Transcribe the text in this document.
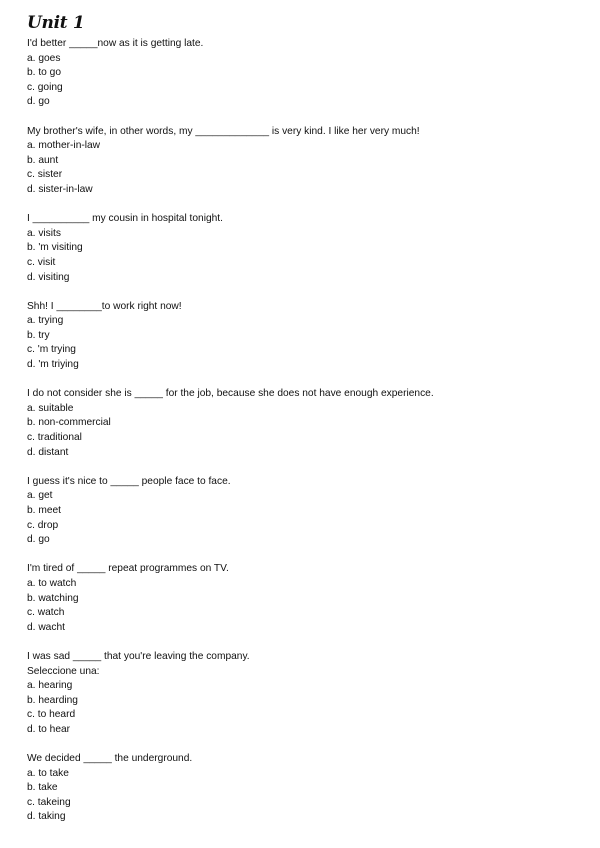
Unit 1
I'd better _____now as it is getting late.
a. goes
b. to go
c. going
d. go
My brother's wife, in other words, my _____________ is very kind. I like her very much!
a. mother-in-law
b. aunt
c. sister
d. sister-in-law
I __________ my cousin in hospital tonight.
a. visits
b. 'm visiting
c. visit
d. visiting
Shh! I ________to work right now!
a. trying
b. try
c. 'm trying
d. 'm triying
I do not consider she is _____ for the job, because she does not have enough experience.
a. suitable
b. non-commercial
c. traditional
d. distant
I guess it's nice to _____ people face to face.
a. get
b. meet
c. drop
d. go
I'm tired of _____ repeat programmes on TV.
a. to watch
b. watching
c. watch
d. wacht
I was sad _____ that you're leaving the company.
Seleccione una:
a. hearing
b. hearding
c. to heard
d. to hear
We decided _____ the underground.
a. to take
b. take
c. takeing
d. taking
